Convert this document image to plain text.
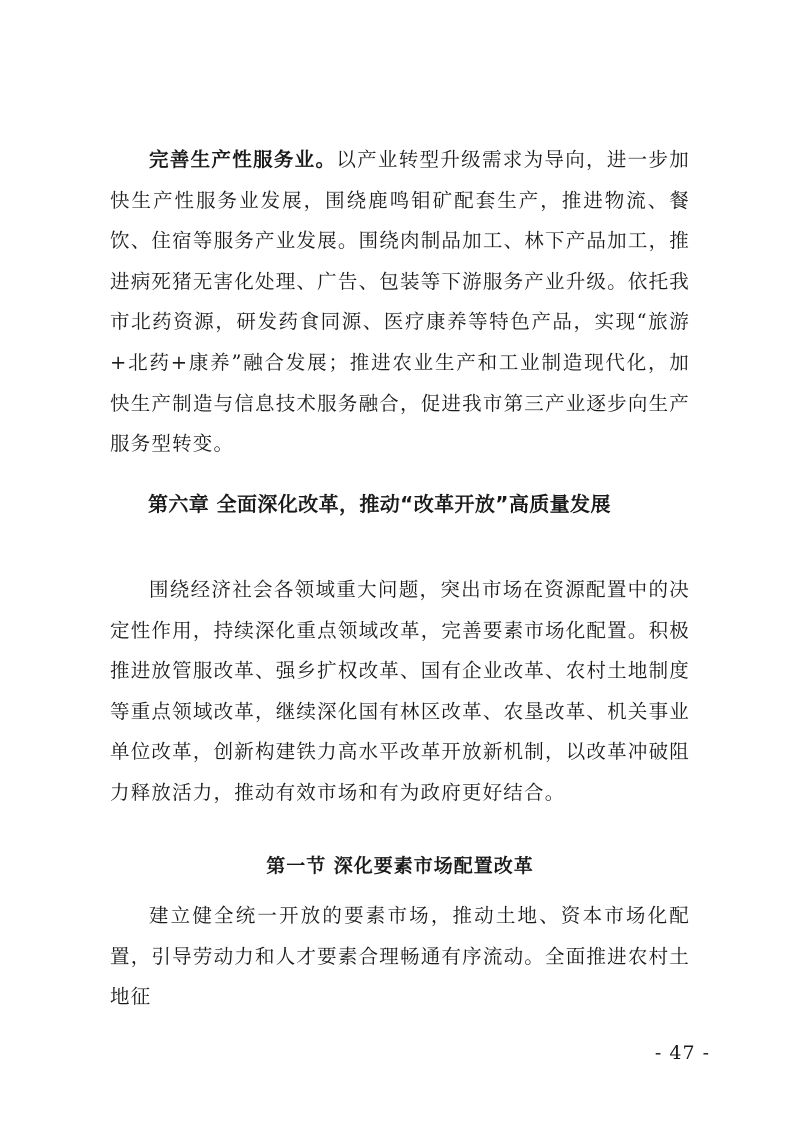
完善生产性服务业。以产业转型升级需求为导向，进一步加快生产性服务业发展，围绕鹿鸣钼矿配套生产，推进物流、餐饮、住宿等服务产业发展。围绕肉制品加工、林下产品加工，推进病死猪无害化处理、广告、包装等下游服务产业升级。依托我市北药资源，研发药食同源、医疗康养等特色产品，实现“旅游+北药+康养”融合发展；推进农业生产和工业制造现代化，加快生产制造与信息技术服务融合，促进我市第三产业逐步向生产服务型转变。

第六章 全面深化改革，推动“改革开放”高质量发展

围绕经济社会各领域重大问题，突出市场在资源配置中的决定性作用，持续深化重点领域改革，完善要素市场化配置。积极推进放管服改革、强乡扩权改革、国有企业改革、农村土地制度等重点领域改革，继续深化国有林区改革、农垦改革、机关事业单位改革，创新构建铁力高水平改革开放新机制，以改革冲破阻力释放活力，推动有效市场和有为政府更好结合。

第一节 深化要素市场配置改革

建立健全统一开放的要素市场，推动土地、资本市场化配置，引导劳动力和人才要素合理畅通有序流动。全面推进农村土地征

- 47 -
